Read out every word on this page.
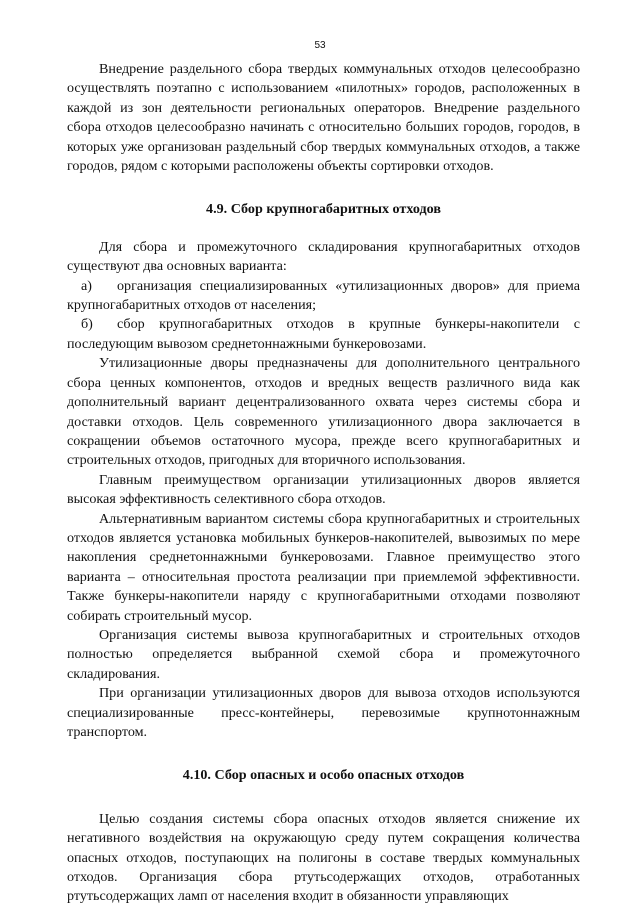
53

Внедрение раздельного сбора твердых коммунальных отходов целесообразно осуществлять поэтапно с использованием «пилотных» городов, расположенных в каждой из зон деятельности региональных операторов. Внедрение раздельного сбора отходов целесообразно начинать с относительно больших городов, городов, в которых уже организован раздельный сбор твердых коммунальных отходов, а также городов, рядом с которыми расположены объекты сортировки отходов.

4.9. Сбор крупногабаритных отходов

Для сбора и промежуточного складирования крупногабаритных отходов существуют два основных варианта:

а) организация специализированных «утилизационных дворов» для приема крупногабаритных отходов от населения;

б) сбор крупногабаритных отходов в крупные бункеры-накопители с последующим вывозом среднетоннажными бункеровозами.

Утилизационные дворы предназначены для дополнительного центрального сбора ценных компонентов, отходов и вредных веществ различного вида как дополнительный вариант децентрализованного охвата через системы сбора и доставки отходов. Цель современного утилизационного двора заключается в сокращении объемов остаточного мусора, прежде всего крупногабаритных и строительных отходов, пригодных для вторичного использования.

Главным преимуществом организации утилизационных дворов является высокая эффективность селективного сбора отходов.

Альтернативным вариантом системы сбора крупногабаритных и строительных отходов является установка мобильных бункеров-накопителей, вывозимых по мере накопления среднетоннажными бункеровозами. Главное преимущество этого варианта – относительная простота реализации при приемлемой эффективности. Также бункеры-накопители наряду с крупногабаритными отходами позволяют собирать строительный мусор.

Организация системы вывоза крупногабаритных и строительных отходов полностью определяется выбранной схемой сбора и промежуточного складирования.

При организации утилизационных дворов для вывоза отходов используются специализированные пресс-контейнеры, перевозимые крупнотоннажным транспортом.

4.10. Сбор опасных и особо опасных отходов

Целью создания системы сбора опасных отходов является снижение их негативного воздействия на окружающую среду путем сокращения количества опасных отходов, поступающих на полигоны в составе твердых коммунальных отходов. Организация сбора ртутьсодержащих отходов, отработанных ртутьсодержащих ламп от населения входит в обязанности управляющих
